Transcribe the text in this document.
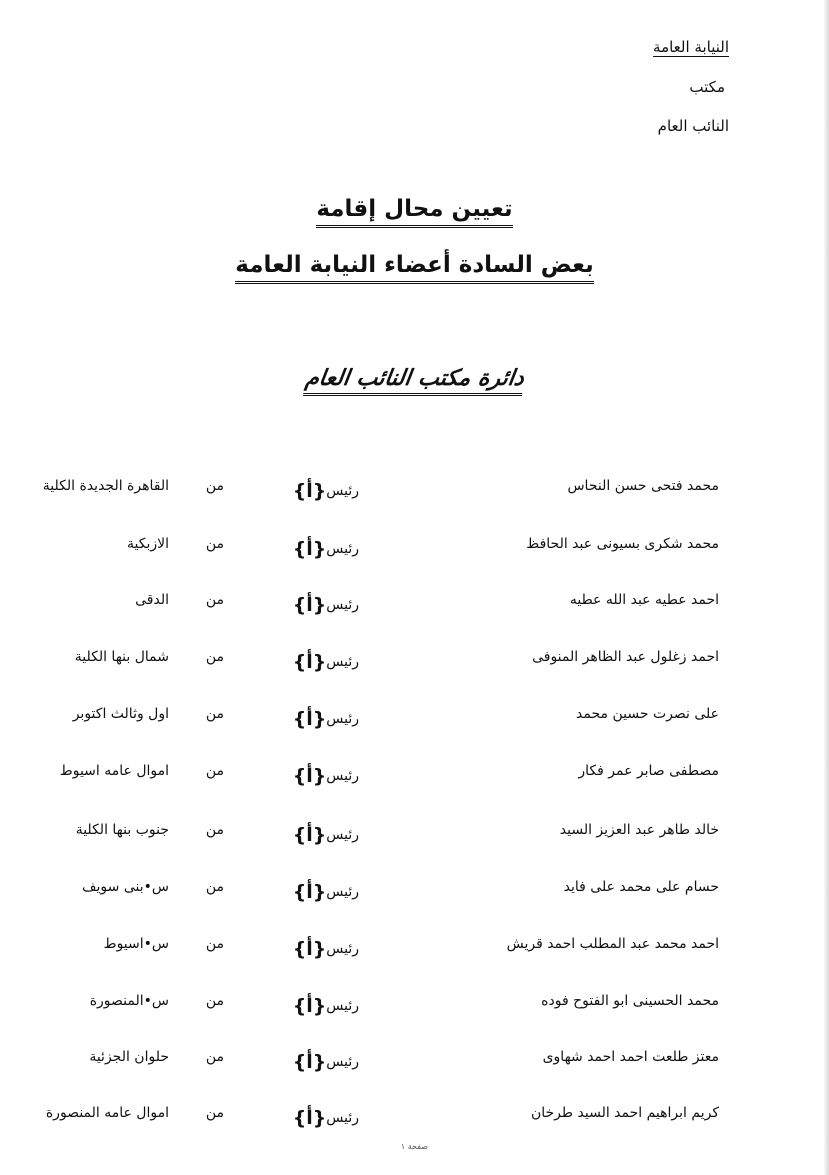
النيابة العامة
مكتب
النائب العام
تعيين محال إقامة
بعض السادة أعضاء النيابة العامة
دائرة مكتب النائب العام
محمد فتحى حسن النحاس
رئيس{أ}
من
القاهرة الجديدة الكلية
محمد شكرى بسيونى عبد الحافظ
رئيس{أ}
من
الازبكية
احمد عطيه عبد الله عطيه
رئيس{أ}
من
الدقى
احمد زغلول عبد الظاهر المنوفى
رئيس{أ}
من
شمال بنها الكلية
على نصرت حسين محمد
رئيس{أ}
من
اول وثالث اكتوبر
مصطفى صابر عمر فكار
رئيس{أ}
من
اموال عامه اسيوط
خالد طاهر عبد العزيز السيد
رئيس{أ}
من
جنوب بنها الكلية
حسام على محمد على فايد
رئيس{أ}
من
س•بنى سويف
احمد محمد عبد المطلب احمد قريش
رئيس{أ}
من
س•اسيوط
محمد الحسينى ابو الفتوح فوده
رئيس{أ}
من
س•المنصورة
معتز طلعت احمد احمد شهاوى
رئيس{أ}
من
حلوان الجزئية
كريم ابراهيم احمد السيد طرخان
رئيس{أ}
من
اموال عامه المنصورة
صفحة ١
